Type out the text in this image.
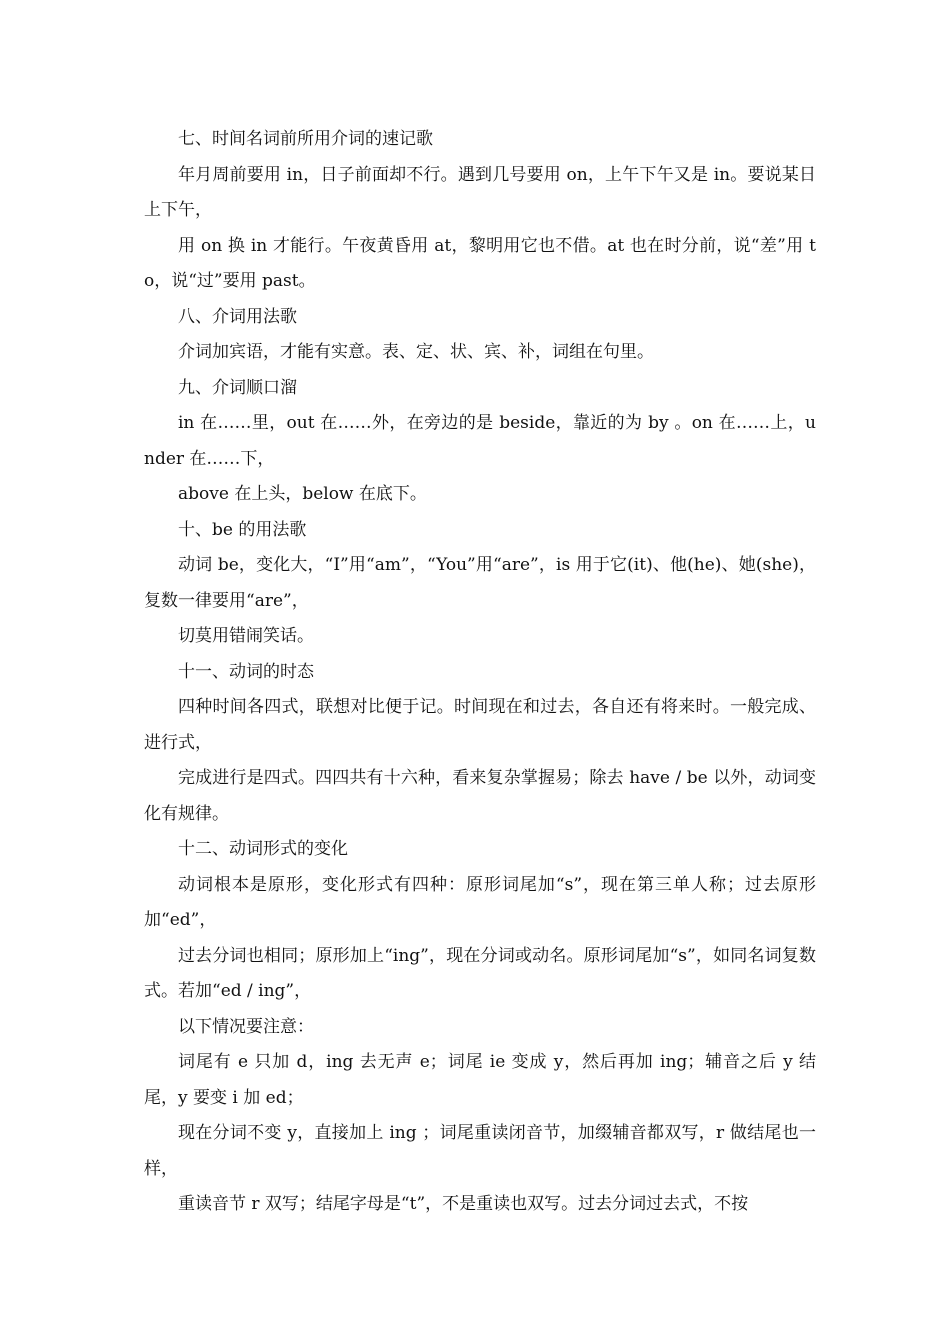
七、时间名词前所用介词的速记歌

年月周前要用 in，日子前面却不行。遇到几号要用 on，上午下午又是 in。要说某日上下午，

用 on 换 in 才能行。午夜黄昏用 at，黎明用它也不借。at 也在时分前，说“差”用 to，说“过”要用 past。

八、介词用法歌

介词加宾语，才能有实意。表、定、状、宾、补，词组在句里。

九、介词顺口溜

in 在……里，out 在……外，在旁边的是 beside，靠近的为 by 。on 在……上，under 在……下，

above 在上头，below 在底下。

十、be 的用法歌

动词 be，变化大，“I”用“am”，“You”用“are”，is 用于它(it)、他(he)、她(she)，复数一律要用“are”，

切莫用错闹笑话。

十一、动词的时态

四种时间各四式，联想对比便于记。时间现在和过去，各自还有将来时。一般完成、进行式，

完成进行是四式。四四共有十六种，看来复杂掌握易；除去 have / be 以外，动词变化有规律。

十二、动词形式的变化

动词根本是原形，变化形式有四种：原形词尾加“s”，现在第三单人称；过去原形加“ed”，

过去分词也相同；原形加上“ing”，现在分词或动名。原形词尾加“s”，如同名词复数式。若加“ed / ing”，

以下情况要注意：

词尾有 e 只加 d，ing 去无声 e；词尾 ie 变成 y，然后再加 ing；辅音之后 y 结尾，y 要变 i 加 ed；

现在分词不变 y，直接加上 ing ；词尾重读闭音节，加缀辅音都双写，r 做结尾也一样，

重读音节 r 双写；结尾字母是“t”，不是重读也双写。过去分词过去式，不按
